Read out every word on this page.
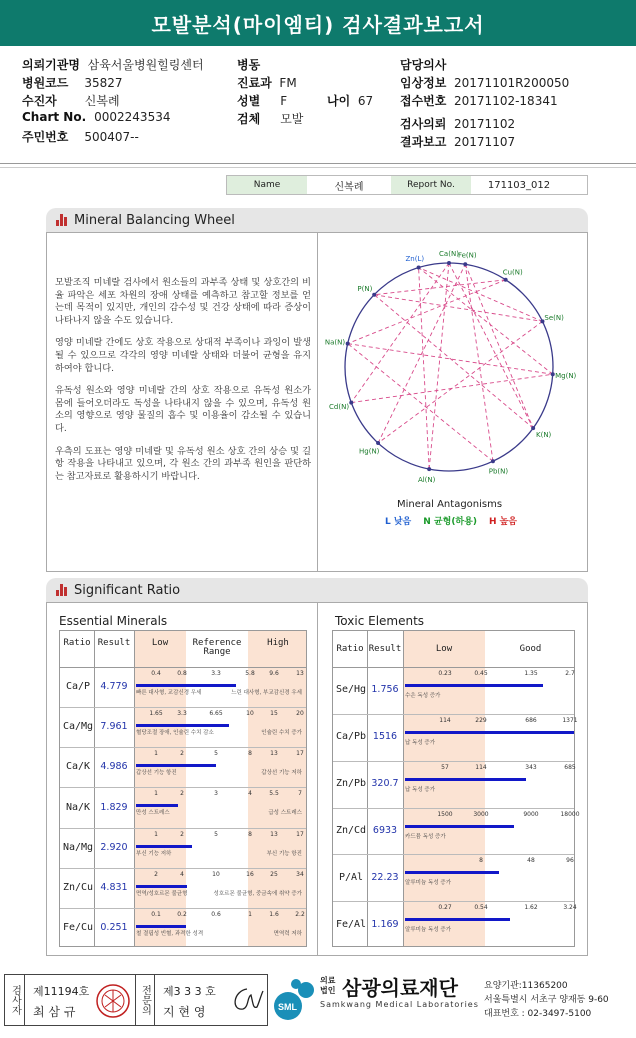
모발분석(마이엠티) 검사결과보고서
의뢰기관명 삼육서울병원힐링센터
병원코드 35827
수진자 신복례
Chart No. 0002243534
주민번호 500407--
병동
진료과 FM
성별 F	나이 67
검체 모발
담당의사
임상정보 20171101R200050
접수번호 20171102-18341
검사의뢰 20171102
결과보고 20171107
Name	신복례	Report No.	171103_012
Mineral Balancing Wheel

모발조직 미네랄 검사에서 원소들의 과부족 상태 및 상호간의 비율 파악은 세포 차원의 장애 상태를 예측하고 참고할 정보를 얻는데 목적이 있지만, 개인의 감수성 및 건강 상태에 따라 증상이 나타나지 않을 수도 있습니다.

영양 미네랄 간에도 상호 작용으로 상대적 부족이나 과잉이 발생될 수 있으므로 각각의 영양 미네랄 상태와 더불어 균형을 유지하여야 합니다.

유독성 원소와 영양 미네랄 간의 상호 작용으로 유독성 원소가 몸에 들어오더라도 독성을 나타내지 않을 수 있으며, 유독성 원소의 영향으로 영양 물질의 흡수 및 이용율이 감소될 수 있습니다.

우측의 도표는 영양 미네랄 및 유독성 원소 상호 간의 상승 및 길항 작용을 나타내고 있으며, 각 원소 간의 과부족 원인을 판단하는 참고자료로 활용하시기 바랍니다.

Ca(N)
Cu(N)
Se(N)
Mg(N)
K(N)
Pb(N)
Al(N)
Hg(N)
Cd(N)
Na(N)
P(N)
Zn(L)	Fe(N)
Mineral Antagonisms
L 낮음 N 균형(하용) H 높음
Significant Ratio
Essential Minerals	Toxic Elements
Ratio Result	Low	Reference Range
High
Ca/P	4.779
0.4	0.8	3.3	5.8	9.6	13
빠른 대사형, 교감신경 우세	느린 대사형, 부교감신경 우세
Ca/Mg 7.961
1.65	3.3	6.65	10	15	20
혈당조절 장애, 인슐린 수치 감소	인슐린 수치 증가
Ca/K	4.986
1	2	5	8	13	17
갑상선 기능 항진	갑상선 기능 저하
Na/K	1.829
1	2	3	4	5.5	7
만성 스트레스	급성 스트레스
Na/Mg 2.920
1	2	5	8	13	17
부신 기능 저하	부신 기능 항진
Zn/Cu 4.831
2	4	10	16	25	34
면역/성호르몬 불균형	성호르몬 불균형, 중금속에 취약 증가
Fe/Cu 0.251
0.1	0.2	0.6	1	1.6	2.2
철 결핍성 빈혈, 과격한 성격	면역력 저하
Ratio Result	Low	Good
Se/Hg 1.756
0.23	0.45	1.35	2.7
수은 독성 증가
Ca/Pb 1516
114	229	686	1371
납 독성 증가
Zn/Pb 320.7
57	114	343	685
납 독성 증가
Zn/Cd 6933
1500	3000	9000	18000
카드뮴 독성 증가
P/Al 22.23
8	48	96
알루미늄 독성 증가
Fe/Al 1.169
0.27	0.54	1.62	3.24
알루미늄 독성 증가
검사자	제11194호
최 삼 규	전문의	제3 3 3 호
지 현 영	SML
의료법인 삼광의료재단
Samkwang Medical Laboratories
요양기관:11365200
서울특별시 서초구 양재동 9-60
대표번호 : 02-3497-5100
